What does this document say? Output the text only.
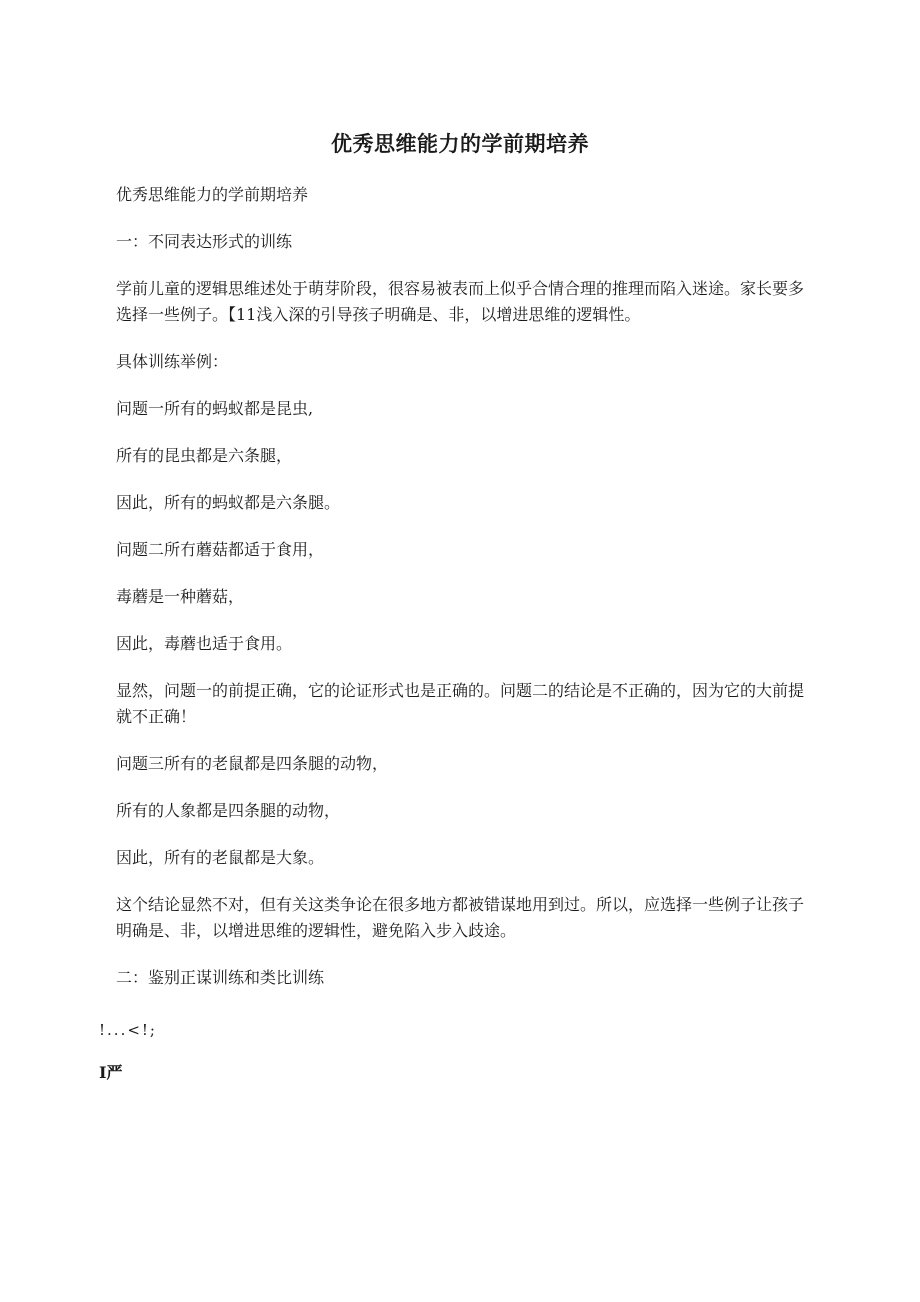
优秀思维能力的学前期培养

优秀思维能力的学前期培养

一：不同表达形式的训练

学前儿童的逻辑思维述处于萌芽阶段，很容易被表而上似乎合情合理的推理而陷入迷途。家长要多选择一些例子。【11浅入深的引导孩子明确是、非，以增进思维的逻辑性。

具体训练举例：

问题一所有的蚂蚁都是昆虫,

所有的昆虫都是六条腿，

因此，所有的蚂蚁都是六条腿。

问题二所冇蘑菇都适于食用，

毒蘑是一种蘑菇，

因此，毒蘑也适于食用。

显然，问题一的前提正确，它的论证形式也是正确的。问题二的结论是不正确的，因为它的大前提就不正确！

问题三所有的老鼠都是四条腿的动物，

所有的人象都是四条腿的动物，

因此，所有的老鼠都是大象。

这个结论显然不对，但有关这类争论在很多地方都被错谋地用到过。所以，应选择一些例子让孩子明确是、非，以增进思维的逻辑性，避免陷入步入歧途。

二：鉴别正谋训练和类比训练

!...<!;
I严
